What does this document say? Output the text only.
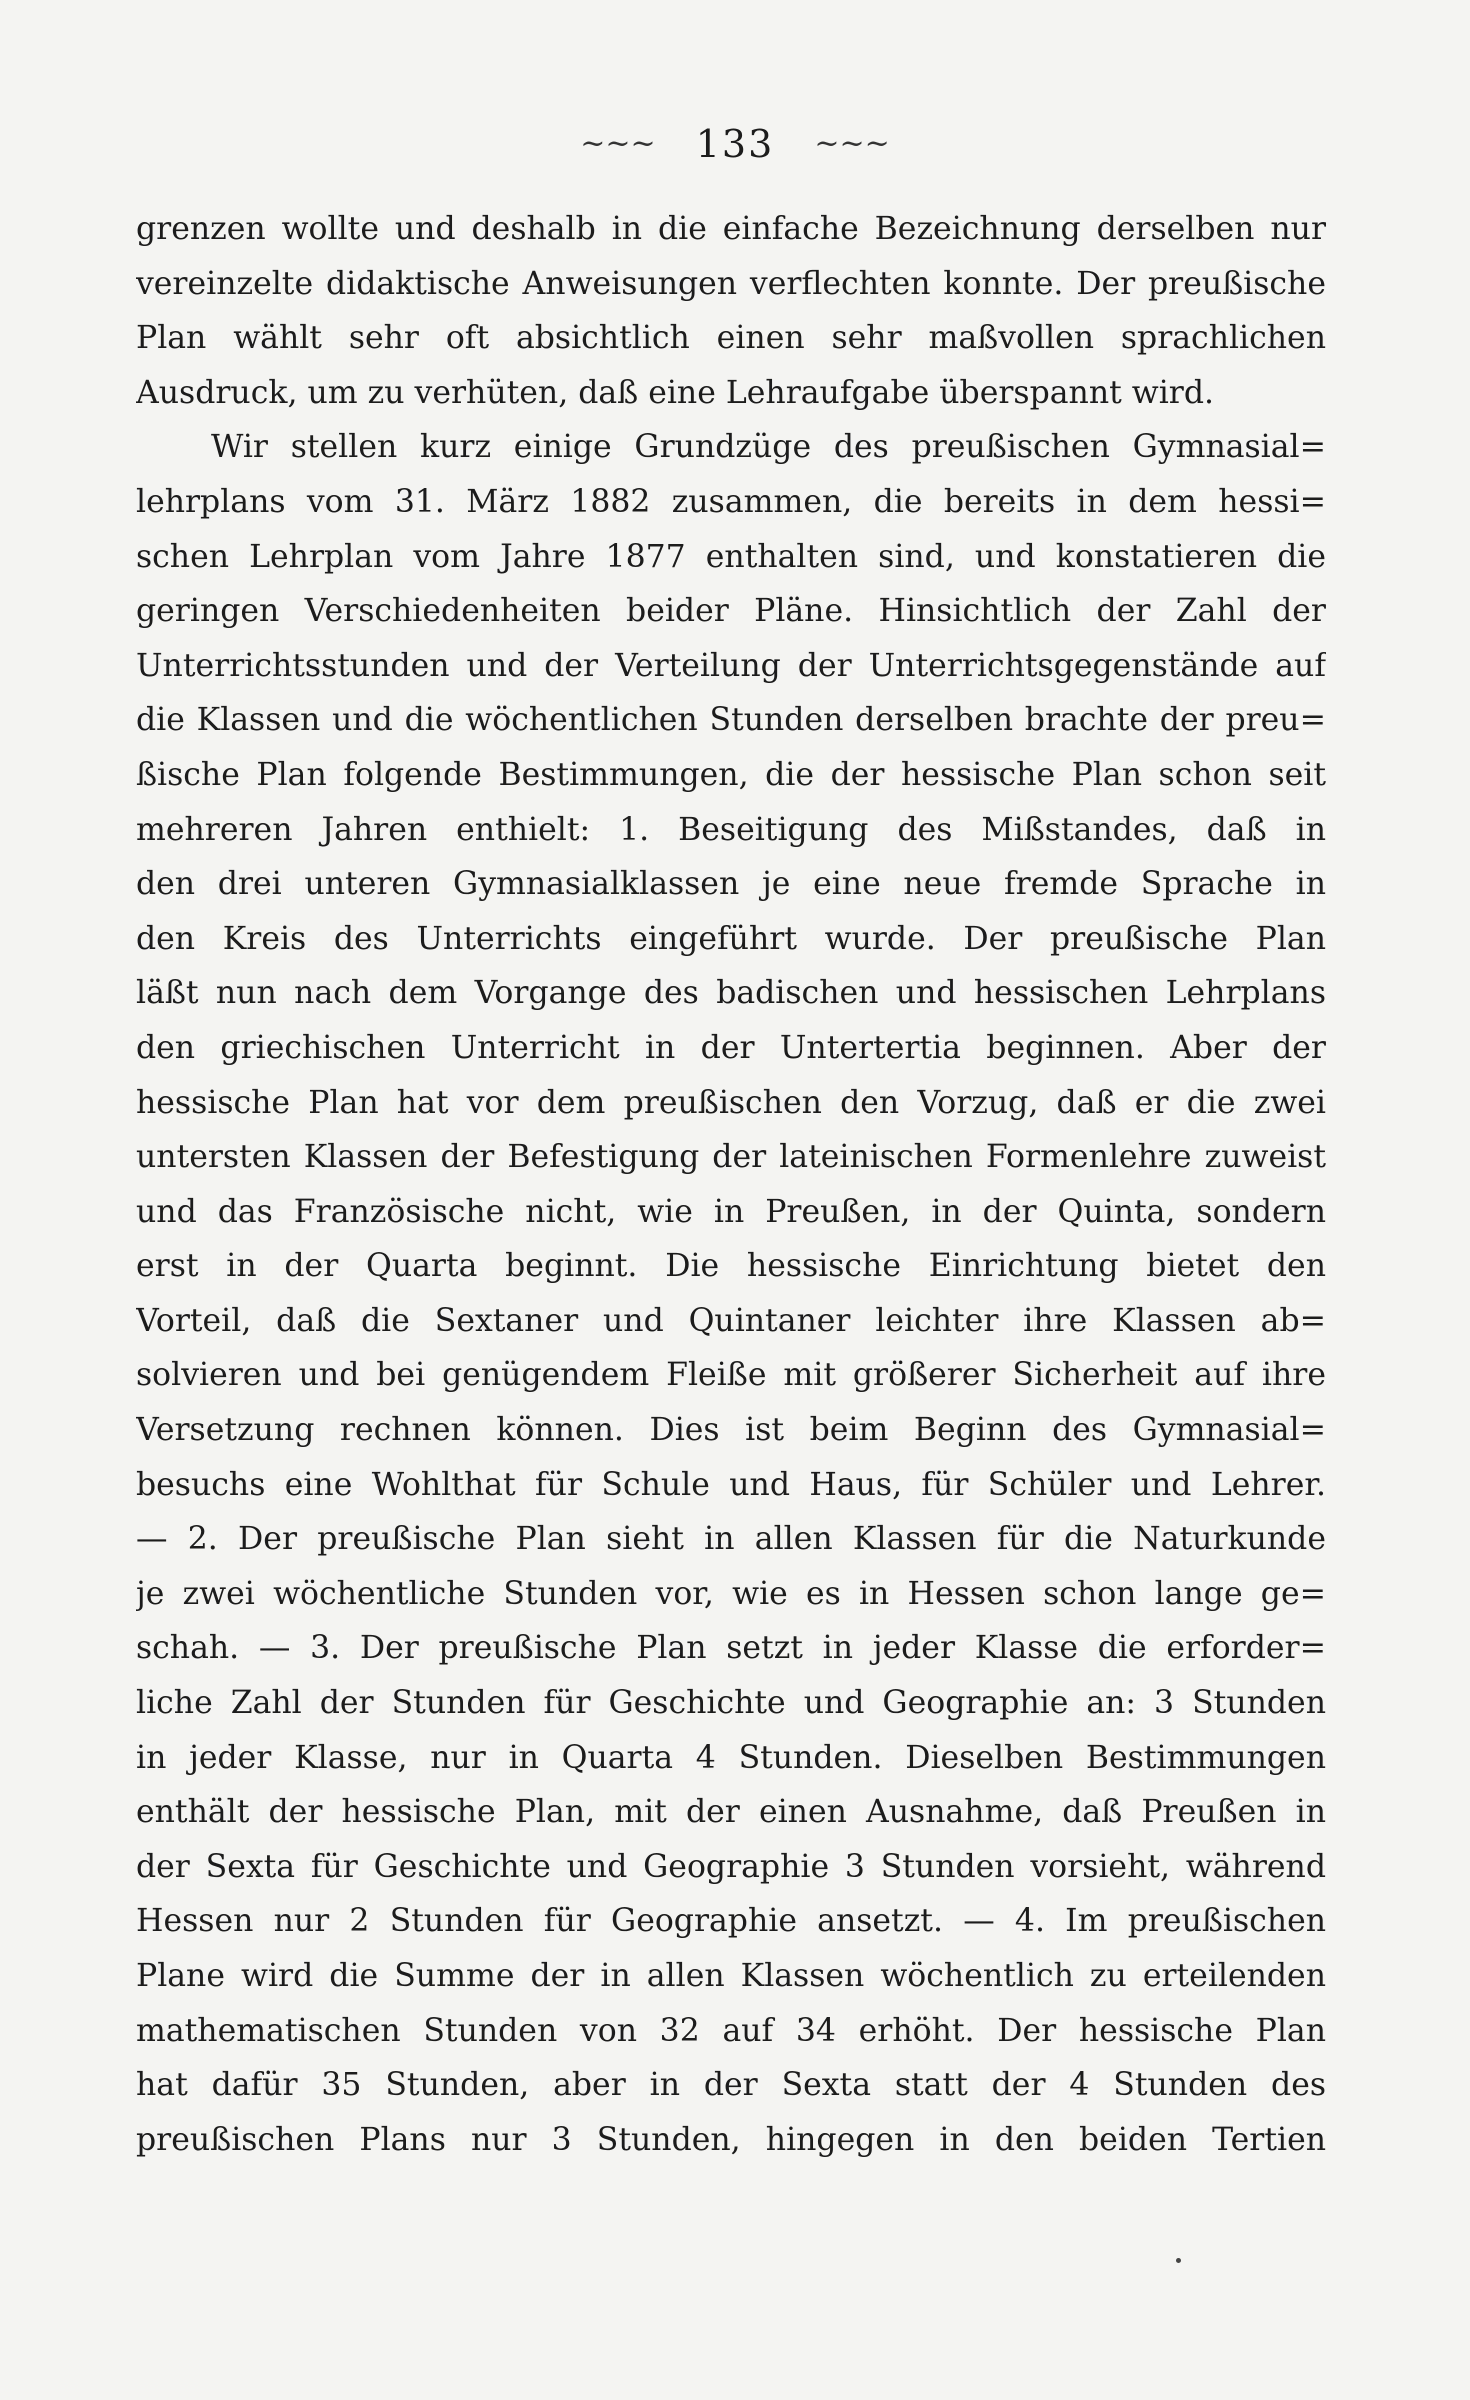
~~~ 133 ~~~
grenzen wollte und deshalb in die einfache Bezeichnung derselben nur
vereinzelte didaktische Anweisungen verflechten konnte. Der preußische
Plan wählt sehr oft absichtlich einen sehr maßvollen sprachlichen
Ausdruck, um zu verhüten, daß eine Lehraufgabe überspannt wird.
Wir stellen kurz einige Grundzüge des preußischen Gymnasial=
lehrplans vom 31. März 1882 zusammen, die bereits in dem hessi=
schen Lehrplan vom Jahre 1877 enthalten sind, und konstatieren die
geringen Verschiedenheiten beider Pläne. Hinsichtlich der Zahl der
Unterrichtsstunden und der Verteilung der Unterrichtsgegenstände auf
die Klassen und die wöchentlichen Stunden derselben brachte der preu=
ßische Plan folgende Bestimmungen, die der hessische Plan schon seit
mehreren Jahren enthielt: 1. Beseitigung des Mißstandes, daß in
den drei unteren Gymnasialklassen je eine neue fremde Sprache in
den Kreis des Unterrichts eingeführt wurde. Der preußische Plan
läßt nun nach dem Vorgange des badischen und hessischen Lehrplans
den griechischen Unterricht in der Untertertia beginnen. Aber der
hessische Plan hat vor dem preußischen den Vorzug, daß er die zwei
untersten Klassen der Befestigung der lateinischen Formenlehre zuweist
und das Französische nicht, wie in Preußen, in der Quinta, sondern
erst in der Quarta beginnt. Die hessische Einrichtung bietet den
Vorteil, daß die Sextaner und Quintaner leichter ihre Klassen ab=
solvieren und bei genügendem Fleiße mit größerer Sicherheit auf ihre
Versetzung rechnen können. Dies ist beim Beginn des Gymnasial=
besuchs eine Wohlthat für Schule und Haus, für Schüler und Lehrer.
— 2. Der preußische Plan sieht in allen Klassen für die Naturkunde
je zwei wöchentliche Stunden vor, wie es in Hessen schon lange ge=
schah. — 3. Der preußische Plan setzt in jeder Klasse die erforder=
liche Zahl der Stunden für Geschichte und Geographie an: 3 Stunden
in jeder Klasse, nur in Quarta 4 Stunden. Dieselben Bestimmungen
enthält der hessische Plan, mit der einen Ausnahme, daß Preußen in
der Sexta für Geschichte und Geographie 3 Stunden vorsieht, während
Hessen nur 2 Stunden für Geographie ansetzt. — 4. Im preußischen
Plane wird die Summe der in allen Klassen wöchentlich zu erteilenden
mathematischen Stunden von 32 auf 34 erhöht. Der hessische Plan
hat dafür 35 Stunden, aber in der Sexta statt der 4 Stunden des
preußischen Plans nur 3 Stunden, hingegen in den beiden Tertien
